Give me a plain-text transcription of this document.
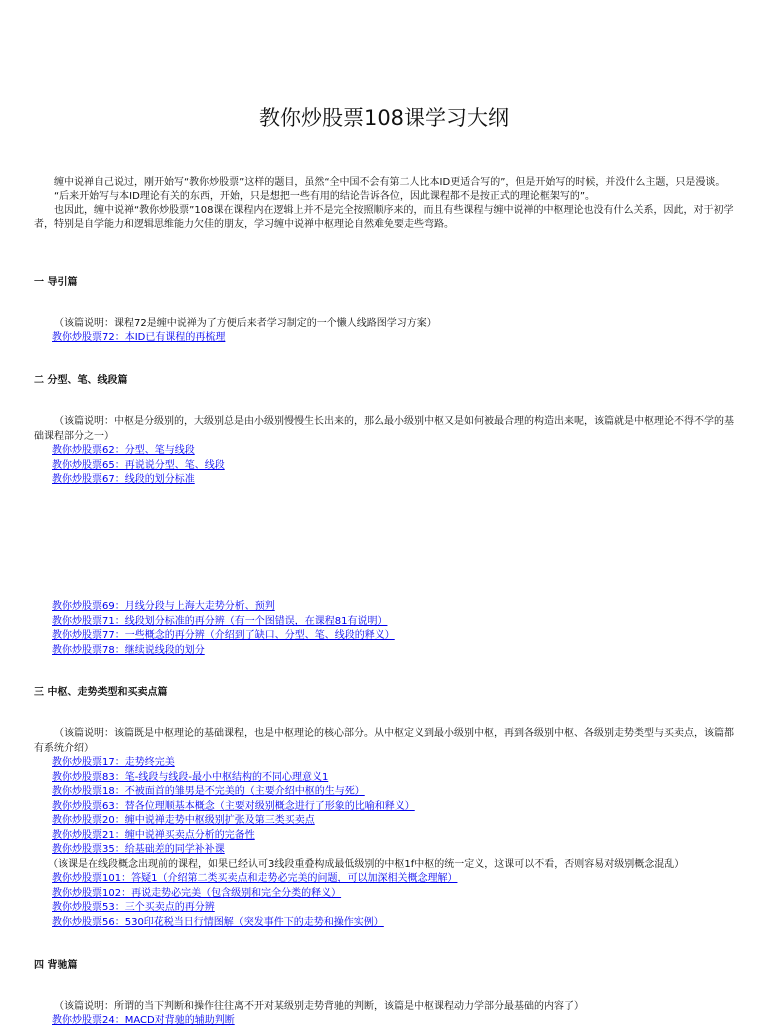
教你炒股票108课学习大纲

缠中说禅自己说过，刚开始写“教你炒股票”这样的题目，虽然“全中国不会有第二人比本ID更适合写的”，但是开始写的时候，并没什么主题，只是漫谈。

“后来开始写与本ID理论有关的东西，开始，只是想把一些有用的结论告诉各位，因此课程都不是按正式的理论框架写的”。

也因此，缠中说禅“教你炒股票”108课在课程内在逻辑上并不是完全按照顺序来的，而且有些课程与缠中说禅的中枢理论也没有什么关系，因此，对于初学者，特别是自学能力和逻辑思维能力欠佳的朋友，学习缠中说禅中枢理论自然难免要走些弯路。

一 导引篇
（该篇说明：课程72是缠中说禅为了方便后来者学习制定的一个懒人线路图学习方案）
教你炒股票72：本ID已有课程的再梳理
二 分型、笔、线段篇
（该篇说明：中枢是分级别的，大级别总是由小级别慢慢生长出来的，那么最小级别中枢又是如何被最合理的构造出来呢，该篇就是中枢理论不得不学的基础课程部分之一）
教你炒股票62：分型、笔与线段
教你炒股票65：再说说分型、笔、线段
教你炒股票67：线段的划分标准
教你炒股票69：月线分段与上海大走势分析、预判
教你炒股票71：线段划分标准的再分辨（有一个图错误，在课程81有说明）
教你炒股票77：一些概念的再分辨（介绍到了缺口、分型、笔、线段的释义）
教你炒股票78：继续说线段的划分
三 中枢、走势类型和买卖点篇
（该篇说明：该篇既是中枢理论的基础课程，也是中枢理论的核心部分。从中枢定义到最小级别中枢，再到各级别中枢、各级别走势类型与买卖点，该篇都有系统介绍）
教你炒股票17：走势终完美
教你炒股票83：笔-线段与线段-最小中枢结构的不同心理意义1
教你炒股票18：不被面首的雏男是不完美的（主要介绍中枢的生与死）
教你炒股票63：替各位理顺基本概念（主要对级别概念进行了形象的比喻和释义）
教你炒股票20：缠中说禅走势中枢级别扩张及第三类买卖点
教你炒股票21：缠中说禅买卖点分析的完备性
教你炒股票35：给基础差的同学补补课
（该课是在线段概念出现前的课程，如果已经认可3线段重叠构成最低级别的中枢1f中枢的统一定义，这课可以不看，否则容易对级别概念混乱）
教你炒股票101：答疑1（介绍第二类买卖点和走势必完美的问题，可以加深相关概念理解）
教你炒股票102：再说走势必完美（包含级别和完全分类的释义）
教你炒股票53：三个买卖点的再分辨
教你炒股票56：530印花税当日行情图解（突发事件下的走势和操作实例）
四 背驰篇
（该篇说明：所谓的当下判断和操作往往离不开对某级别走势背驰的判断，该篇是中枢课程动力学部分最基础的内容了）
教你炒股票24：MACD对背驰的辅助判断
